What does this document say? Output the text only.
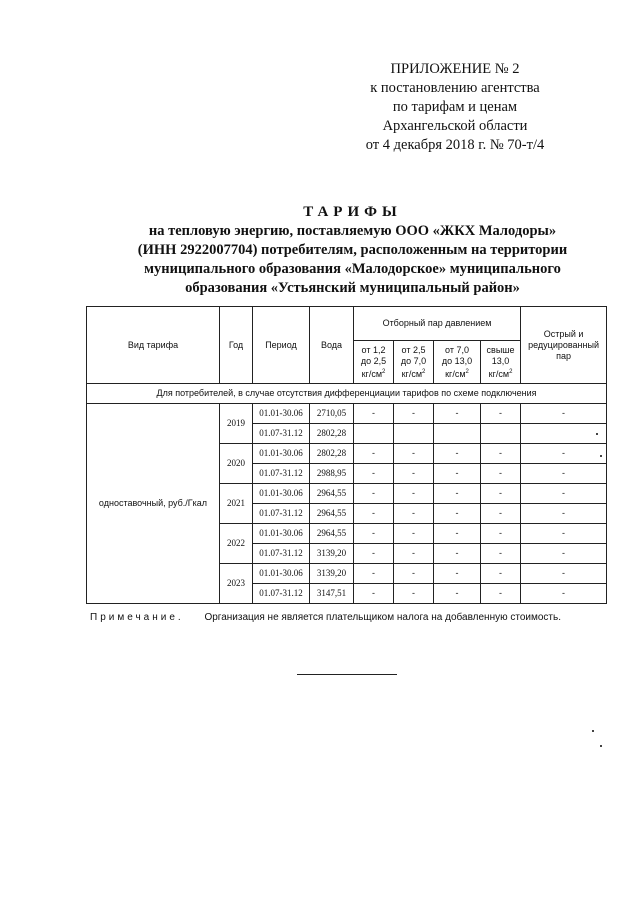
ПРИЛОЖЕНИЕ № 2
к постановлению агентства
по тарифам и ценам
Архангельской области
от 4 декабря 2018 г. № 70-т/4
ТАРИФЫ
на тепловую энергию, поставляемую ООО «ЖКХ Малодоры»
(ИНН 2922007704) потребителям, расположенным на территории
муниципального образования «Малодорское» муниципального
образования «Устьянский муниципальный район»
Вид тарифа	Год	Период	Вода	Отборный пар давлением				Острый и редуцированный пар
				от 1,2
до 2,5
$кг/см^2$	от 2,5
до 7,0
$кг/см^2$	от 7,0
до 13,0
$кг/см^2$	свыше
13,0
$кг/см^2$
Для потребителей, в случае отсутствия дифференциации тарифов по схеме подключения								
одноставочный, руб./Гкал	2019	01.01-30.06	2710,05	-	-	-	-	-
		01.07-31.12	2802,28					
	2020	01.01-30.06	2802,28	-	-	-	-	-
		01.07-31.12	2988,95	-	-	-	-	-
	2021	01.01-30.06	2964,55	-	-	-	-	-
		01.07-31.12	2964,55	-	-	-	-	-
	2022	01.01-30.06	2964,55	-	-	-	-	-
		01.07-31.12	3139,20	-	-	-	-	-
	2023	01.01-30.06	3139,20	-	-	-	-	-
		01.07-31.12	3147,51	-	-	-	-	-
Примечание. Организация не является плательщиком налога на добавленную стоимость.
